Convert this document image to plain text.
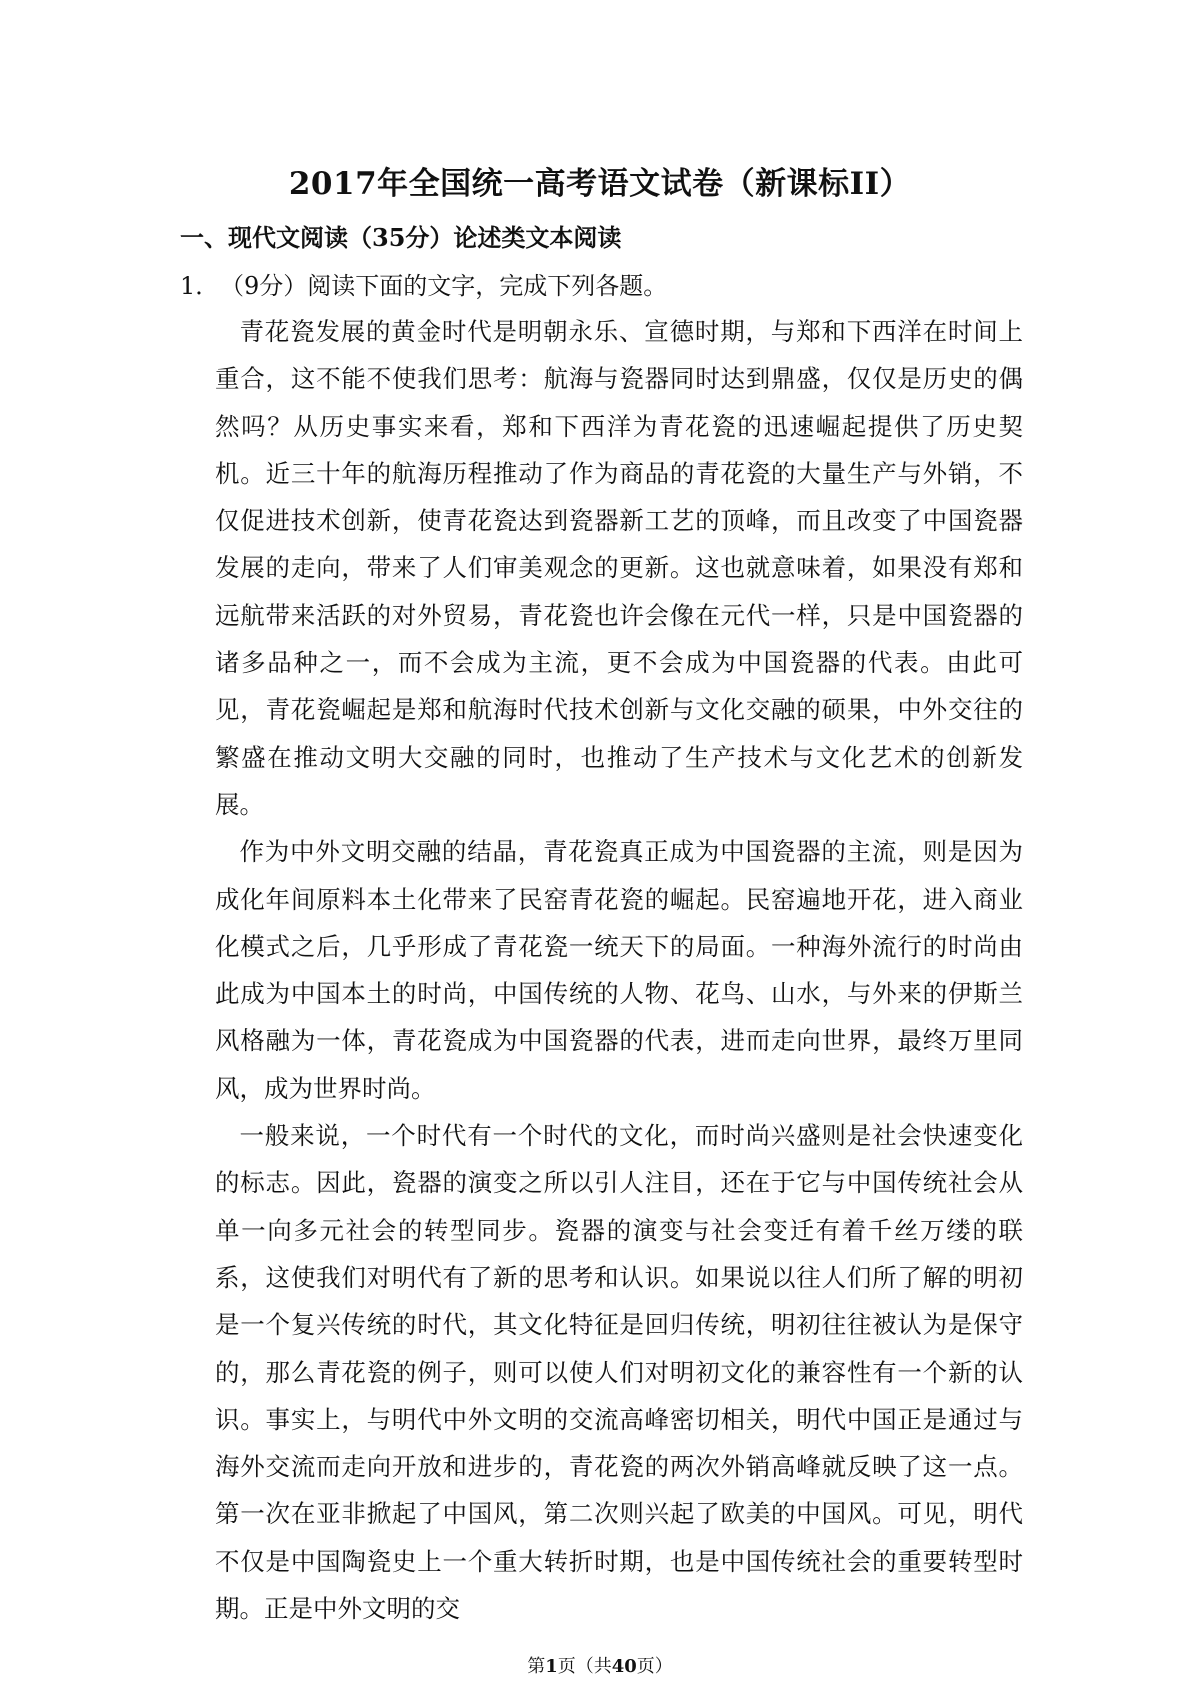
2017年全国统一高考语文试卷（新课标II）
一、现代文阅读（35分）论述类文本阅读
1．（9分）阅读下面的文字，完成下列各题。

青花瓷发展的黄金时代是明朝永乐、宣德时期，与郑和下西洋在时间上重合，这不能不使我们思考：航海与瓷器同时达到鼎盛，仅仅是历史的偶然吗？从历史事实来看，郑和下西洋为青花瓷的迅速崛起提供了历史契机。近三十年的航海历程推动了作为商品的青花瓷的大量生产与外销，不仅促进技术创新，使青花瓷达到瓷器新工艺的顶峰，而且改变了中国瓷器发展的走向，带来了人们审美观念的更新。这也就意味着，如果没有郑和远航带来活跃的对外贸易，青花瓷也许会像在元代一样，只是中国瓷器的诸多品种之一，而不会成为主流，更不会成为中国瓷器的代表。由此可见，青花瓷崛起是郑和航海时代技术创新与文化交融的硕果，中外交往的繁盛在推动文明大交融的同时，也推动了生产技术与文化艺术的创新发展。

作为中外文明交融的结晶，青花瓷真正成为中国瓷器的主流，则是因为成化年间原料本土化带来了民窑青花瓷的崛起。民窑遍地开花，进入商业化模式之后，几乎形成了青花瓷一统天下的局面。一种海外流行的时尚由此成为中国本土的时尚，中国传统的人物、花鸟、山水，与外来的伊斯兰风格融为一体，青花瓷成为中国瓷器的代表，进而走向世界，最终万里同风，成为世界时尚。

一般来说，一个时代有一个时代的文化，而时尚兴盛则是社会快速变化的标志。因此，瓷器的演变之所以引人注目，还在于它与中国传统社会从单一向多元社会的转型同步。瓷器的演变与社会变迁有着千丝万缕的联系，这使我们对明代有了新的思考和认识。如果说以往人们所了解的明初是一个复兴传统的时代，其文化特征是回归传统，明初往往被认为是保守的，那么青花瓷的例子，则可以使人们对明初文化的兼容性有一个新的认识。事实上，与明代中外文明的交流高峰密切相关，明代中国正是通过与海外交流而走向开放和进步的，青花瓷的两次外销高峰就反映了这一点。第一次在亚非掀起了中国风，第二次则兴起了欧美的中国风。可见，明代不仅是中国陶瓷史上一个重大转折时期，也是中国传统社会的重要转型时期。正是中外文明的交

第1页（共40页）
